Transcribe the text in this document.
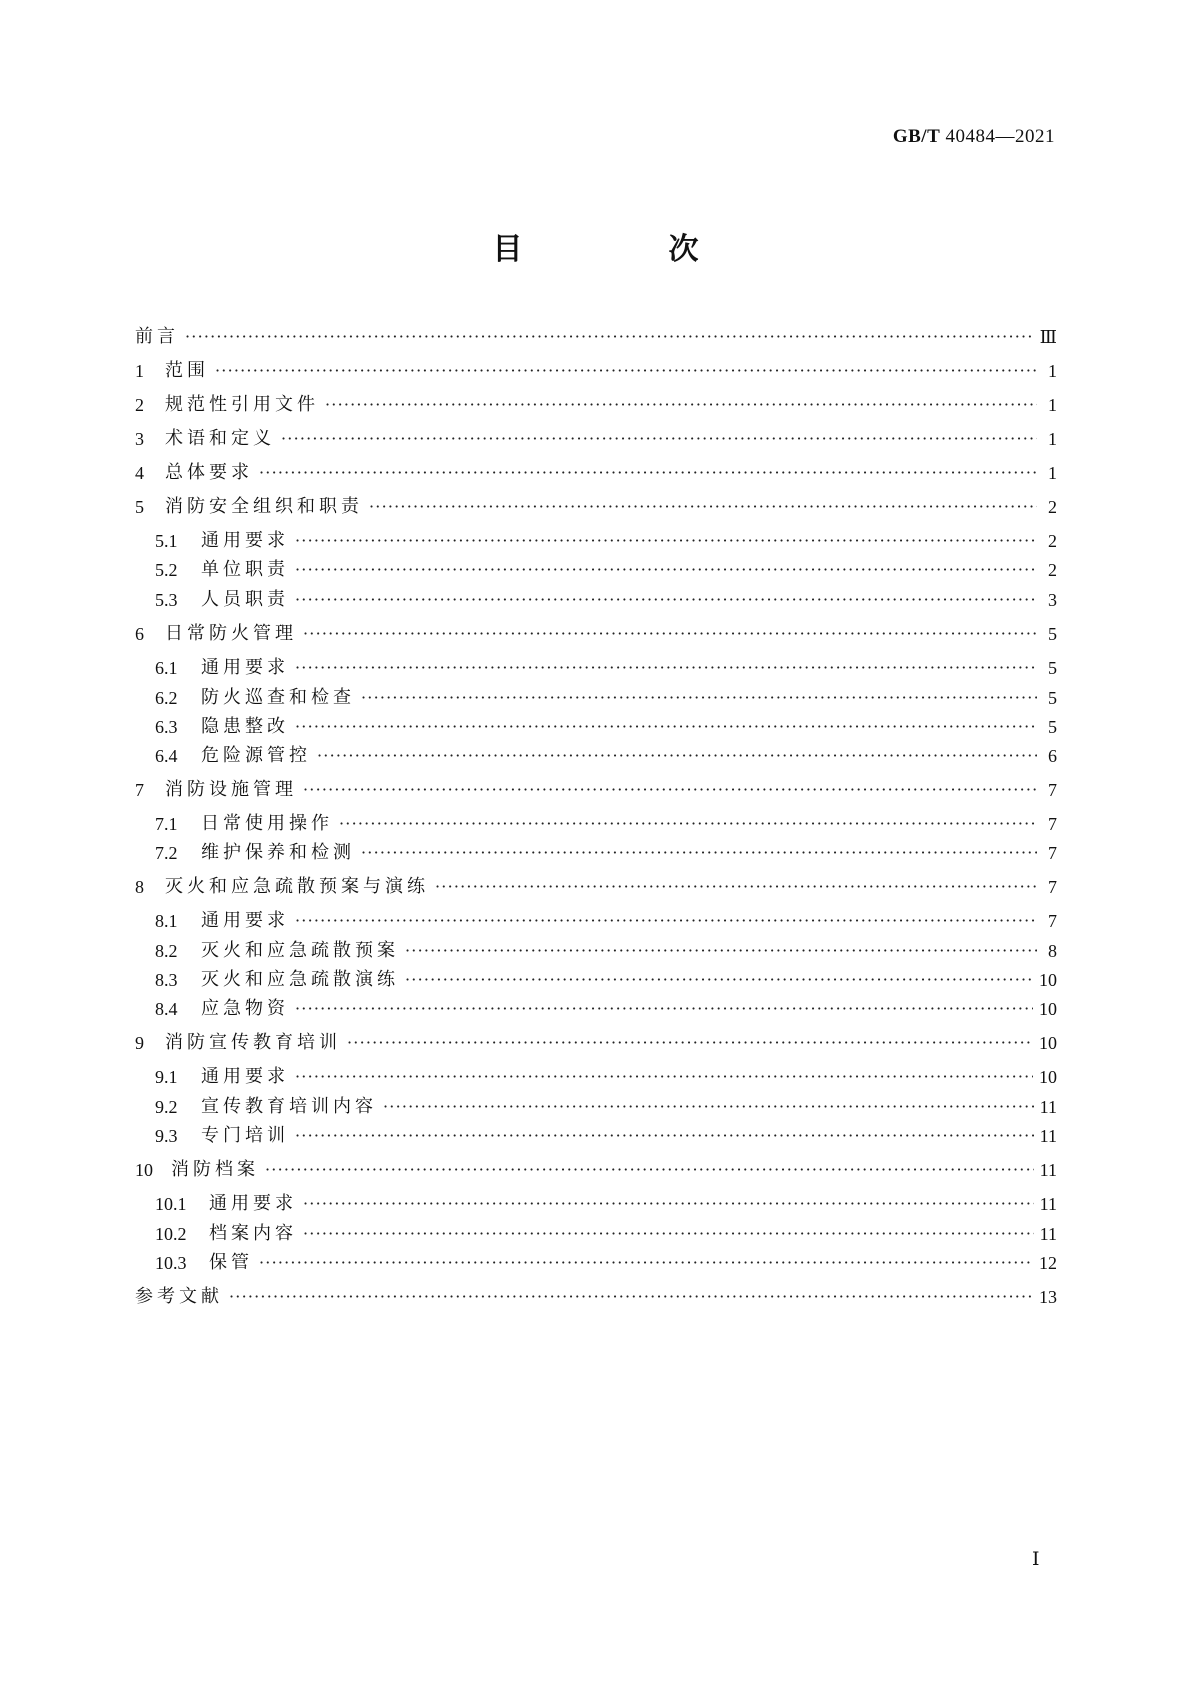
GB/T 40484—2021
目　次
前言 ·····	Ⅲ
1	范围 ·····	1
2	规范性引用文件 ·····	1
3	术语和定义 ·····	1
4	总体要求 ·····	1
5	消防安全组织和职责 ·····	2
5.1	通用要求 ·····	2
5.2	单位职责 ·····	2
5.3	人员职责 ·····	3
6	日常防火管理 ·····	5
6.1	通用要求 ·····	5
6.2	防火巡查和检查 ·····	5
6.3	隐患整改 ·····	5
6.4	危险源管控 ·····	6
7	消防设施管理 ·····	7
7.1	日常使用操作 ·····	7
7.2	维护保养和检测 ·····	7
8	灭火和应急疏散预案与演练 ·····	7
8.1	通用要求 ·····	7
8.2	灭火和应急疏散预案 ·····	8
8.3	灭火和应急疏散演练 ·····	10
8.4	应急物资 ·····	10
9	消防宣传教育培训 ·····	10
9.1	通用要求 ·····	10
9.2	宣传教育培训内容 ·····	11
9.3	专门培训 ·····	11
10	消防档案 ·····	11
10.1	通用要求 ·····	11
10.2	档案内容 ·····	11
10.3	保管 ·····	12
参考文献 ·····	13
Ⅰ
